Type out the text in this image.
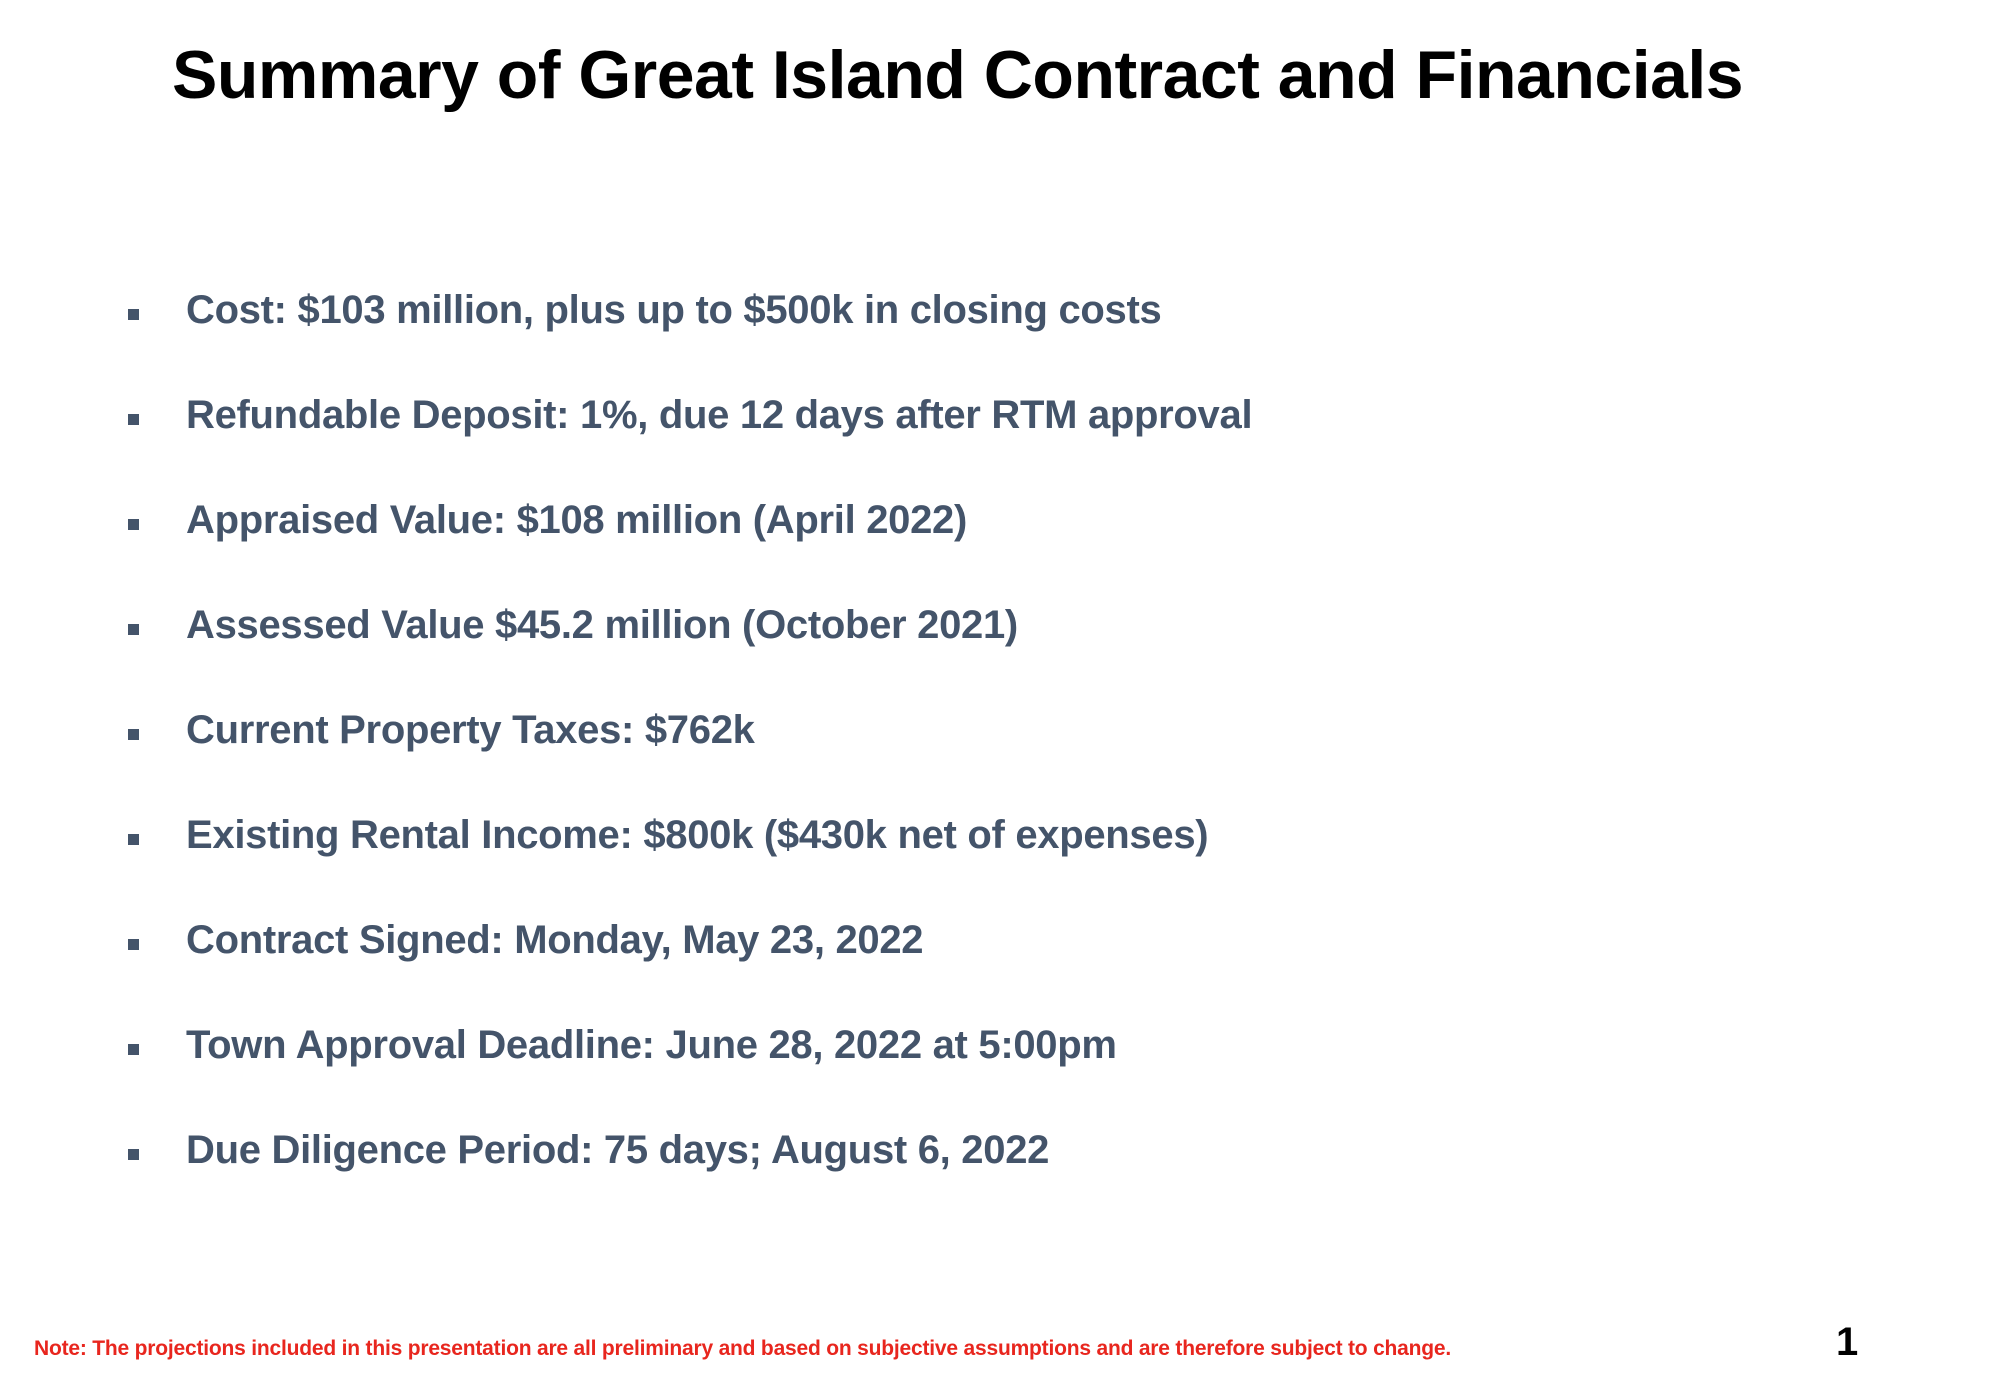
Summary of Great Island Contract and Financials
Cost: $103 million, plus up to $500k in closing costs
Refundable Deposit: 1%, due 12 days after RTM approval
Appraised Value: $108 million (April 2022)
Assessed Value $45.2 million (October 2021)
Current Property Taxes: $762k
Existing Rental Income: $800k ($430k net of expenses)
Contract Signed: Monday, May 23, 2022
Town Approval Deadline: June 28, 2022 at 5:00pm
Due Diligence Period: 75 days; August 6, 2022
Note: The projections included in this presentation are all preliminary and based on subjective assumptions and are therefore subject to change.	1
